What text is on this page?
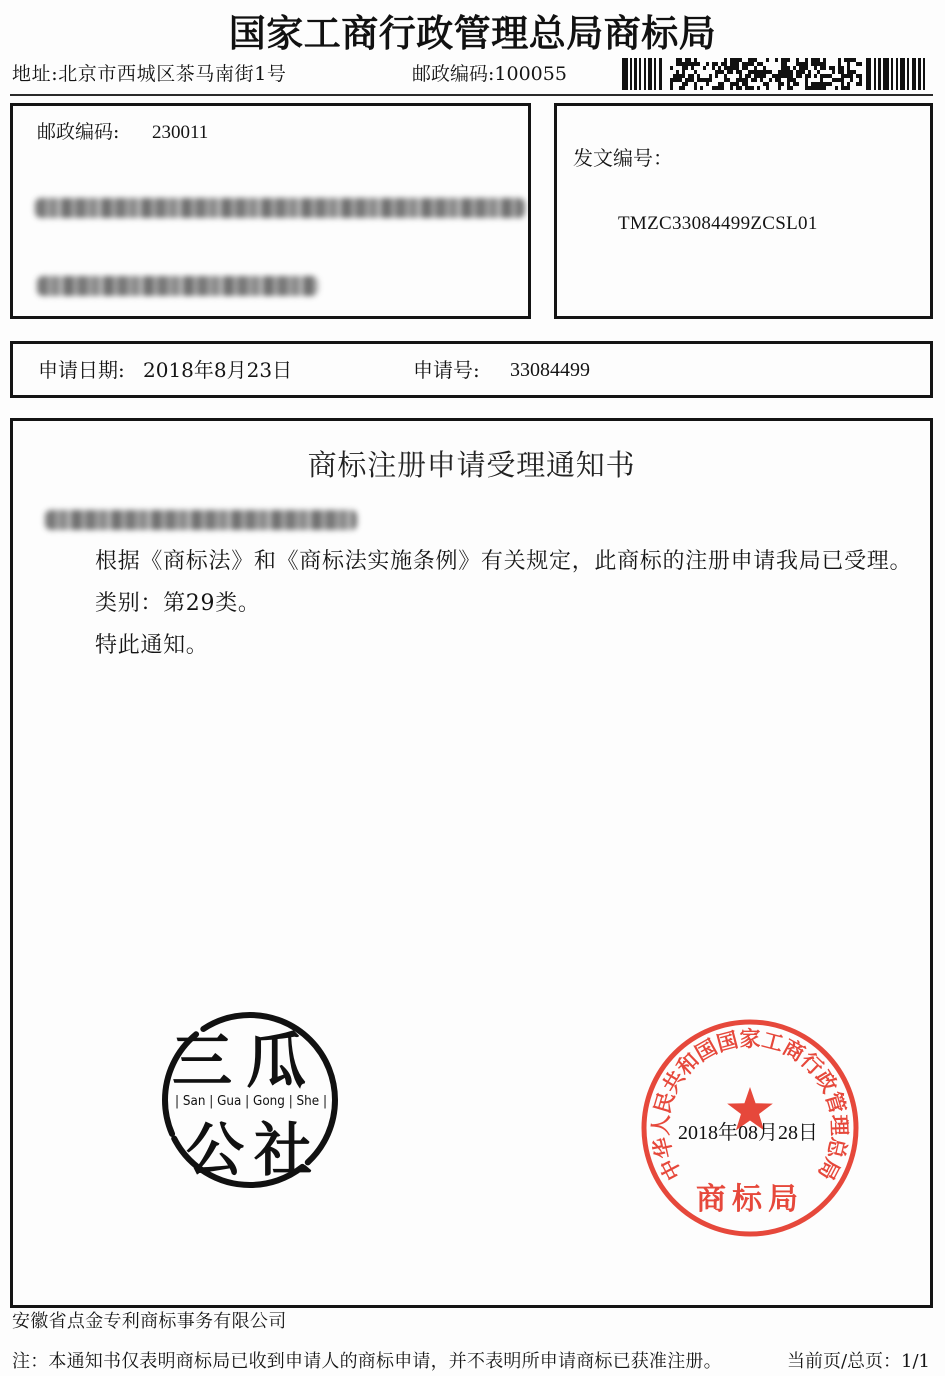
国家工商行政管理总局商标局
地址:北京市西城区茶马南街1号	邮政编码:100055
邮政编码: 230011
发文编号：
TMZC33084499ZCSL01
申请日期: 2018年8月23日	申请号: 33084499
商标注册申请受理通知书
根据《商标法》和《商标法实施条例》有关规定，此商标的注册申请我局已受理。
类别：第29类。
特此通知。
三瓜
| San | Gua | Gong | She |
公社	中华人民共和国国家工商行政管理总局
商标局
2018年08月28日
安徽省点金专利商标事务有限公司
注：本通知书仅表明商标局已收到申请人的商标申请，并不表明所申请商标已获准注册。	当前页/总页：1/1
